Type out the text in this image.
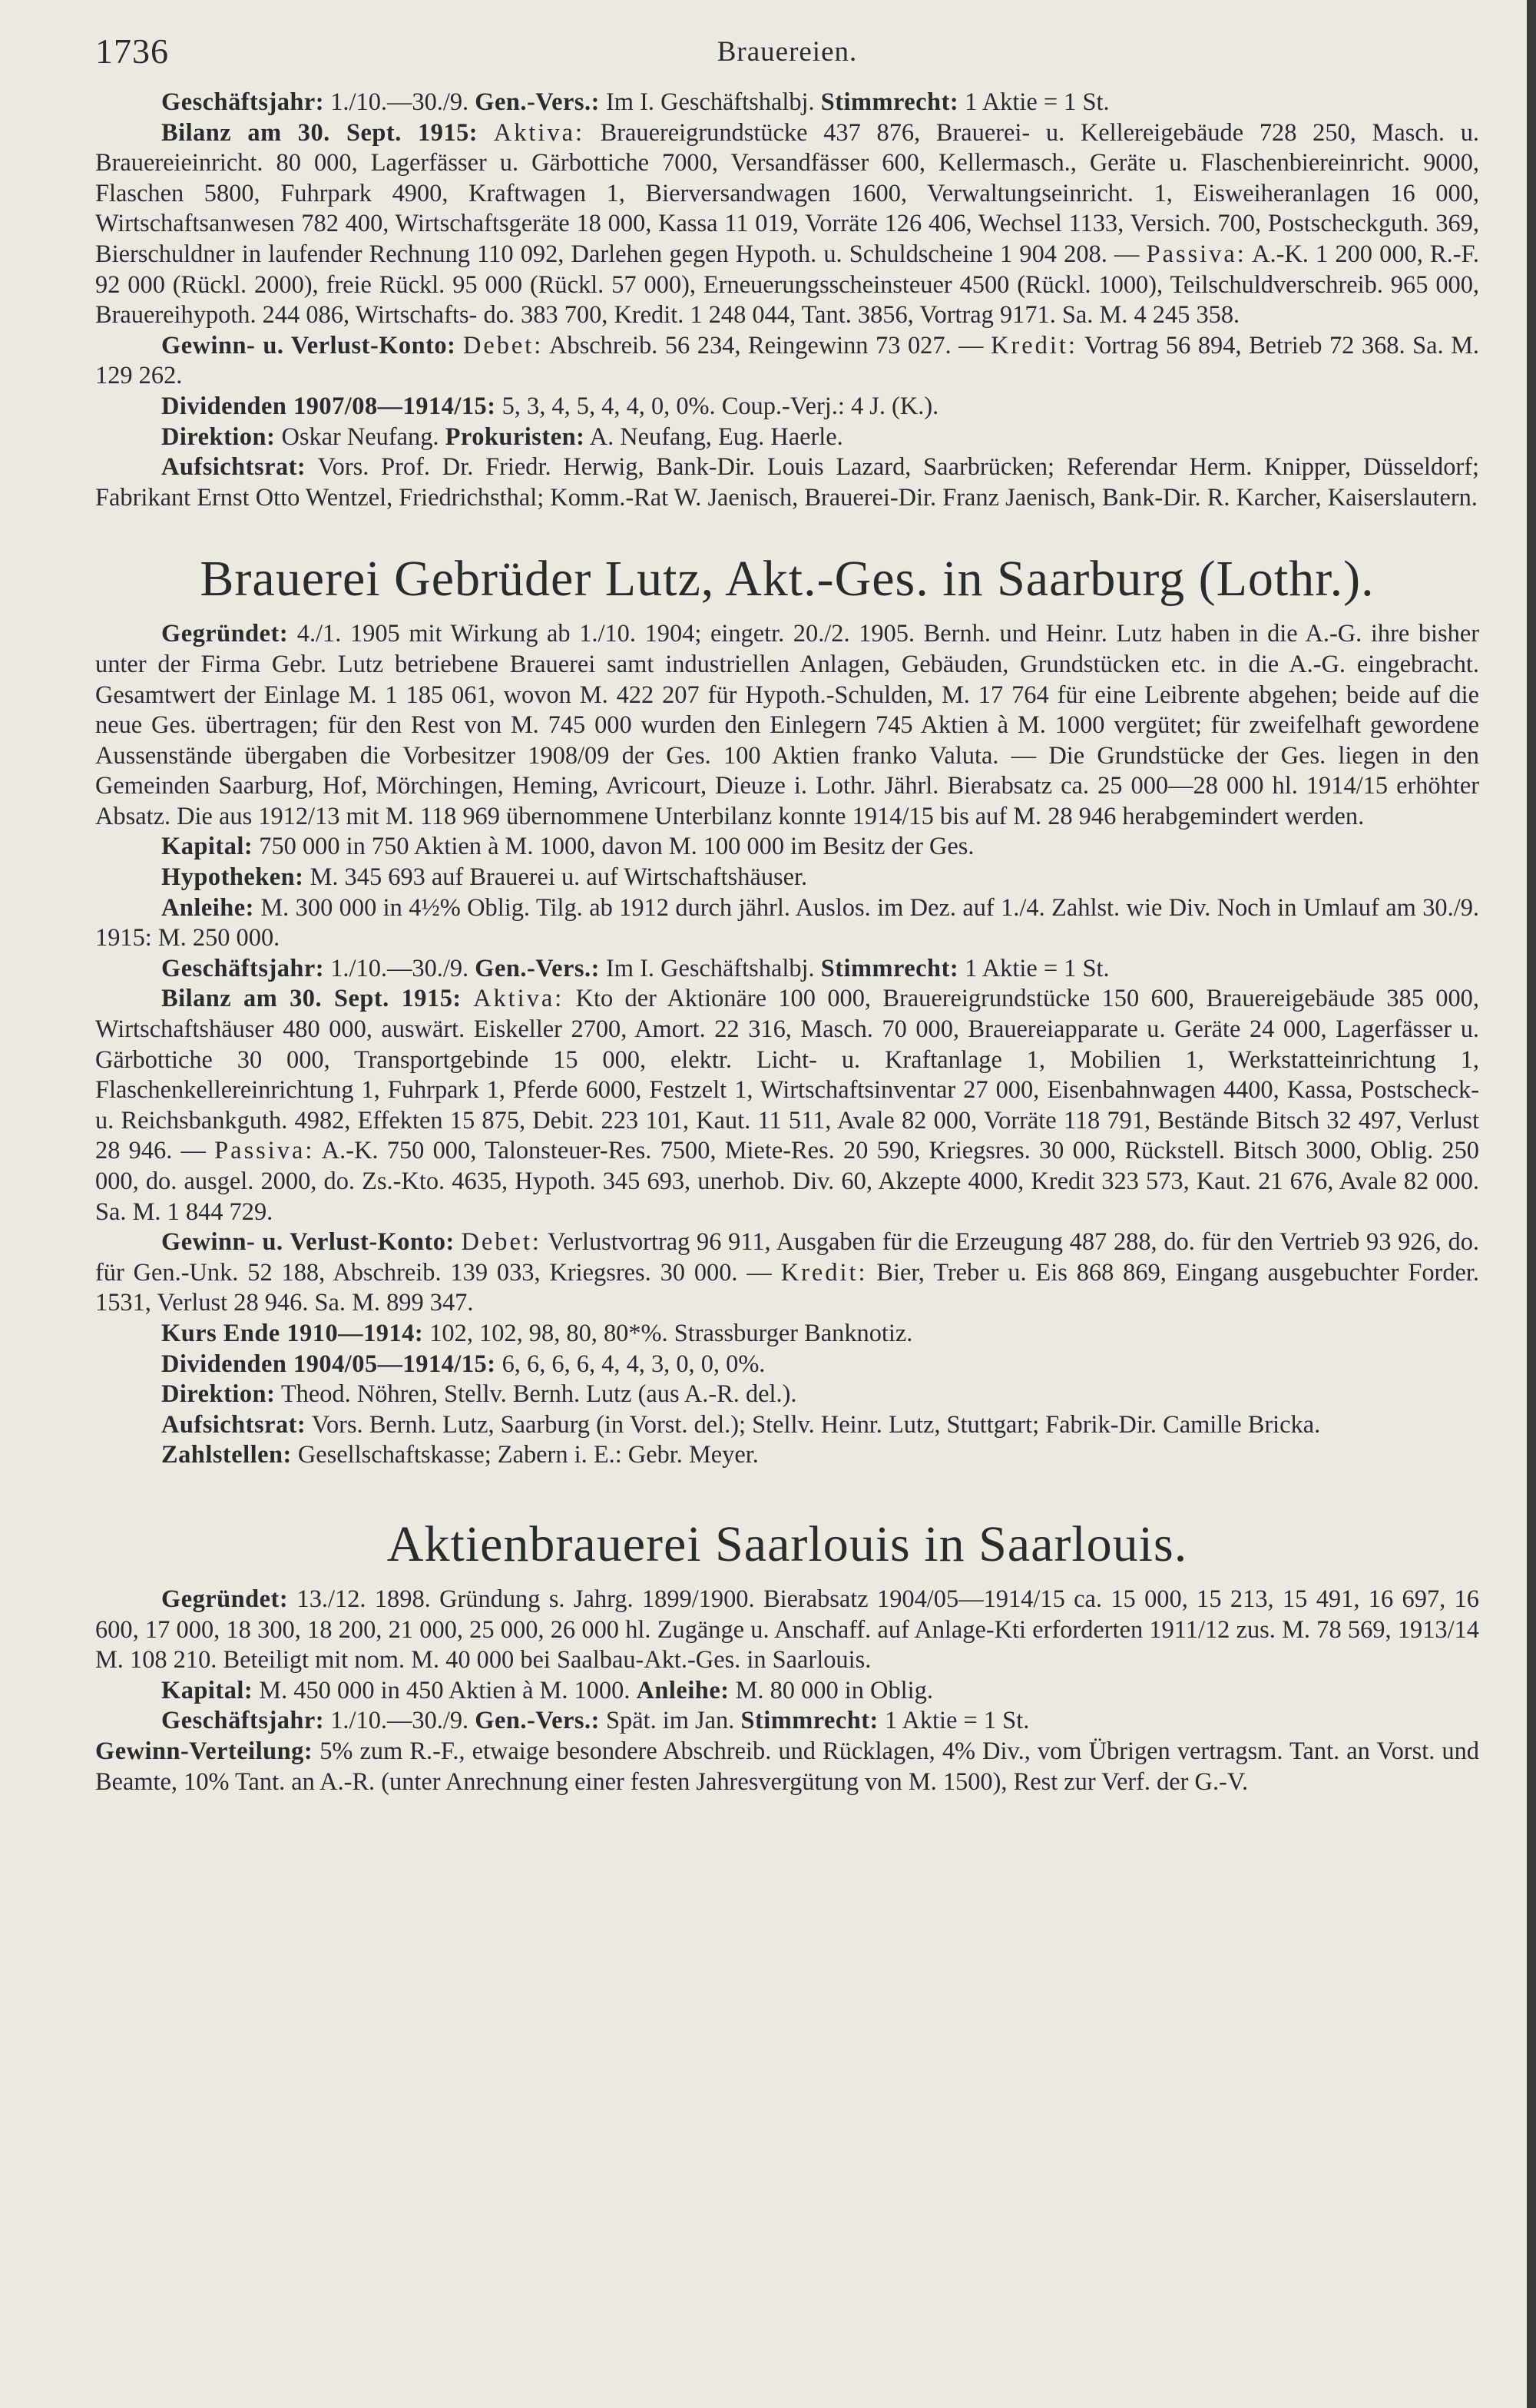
1736	Brauereien.

Geschäftsjahr: 1./10.—30./9. Gen.-Vers.: Im I. Geschäftshalbj. Stimmrecht: 1 Aktie = 1 St.

Bilanz am 30. Sept. 1915: Aktiva: Brauereigrundstücke 437 876, Brauerei- u. Kellereigebäude 728 250, Masch. u. Brauereieinricht. 80 000, Lagerfässer u. Gärbottiche 7000, Versandfässer 600, Kellermasch., Geräte u. Flaschenbiereinricht. 9000, Flaschen 5800, Fuhrpark 4900, Kraftwagen 1, Bierversandwagen 1600, Verwaltungseinricht. 1, Eisweiheranlagen 16 000, Wirtschaftsanwesen 782 400, Wirtschaftsgeräte 18 000, Kassa 11 019, Vorräte 126 406, Wechsel 1133, Versich. 700, Postscheckguth. 369, Bierschuldner in laufender Rechnung 110 092, Darlehen gegen Hypoth. u. Schuldscheine 1 904 208. — Passiva: A.-K. 1 200 000, R.-F. 92 000 (Rückl. 2000), freie Rückl. 95 000 (Rückl. 57 000), Erneuerungsscheinsteuer 4500 (Rückl. 1000), Teilschuldverschreib. 965 000, Brauereihypoth. 244 086, Wirtschafts- do. 383 700, Kredit. 1 248 044, Tant. 3856, Vortrag 9171. Sa. M. 4 245 358.

Gewinn- u. Verlust-Konto: Debet: Abschreib. 56 234, Reingewinn 73 027. — Kredit: Vortrag 56 894, Betrieb 72 368. Sa. M. 129 262.

Dividenden 1907/08—1914/15: 5, 3, 4, 5, 4, 4, 0, 0%. Coup.-Verj.: 4 J. (K.).

Direktion: Oskar Neufang. Prokuristen: A. Neufang, Eug. Haerle.

Aufsichtsrat: Vors. Prof. Dr. Friedr. Herwig, Bank-Dir. Louis Lazard, Saarbrücken; Referendar Herm. Knipper, Düsseldorf; Fabrikant Ernst Otto Wentzel, Friedrichsthal; Komm.-Rat W. Jaenisch, Brauerei-Dir. Franz Jaenisch, Bank-Dir. R. Karcher, Kaiserslautern.

Brauerei Gebrüder Lutz, Akt.-Ges. in Saarburg (Lothr.).

Gegründet: 4./1. 1905 mit Wirkung ab 1./10. 1904; eingetr. 20./2. 1905. Bernh. und Heinr. Lutz haben in die A.-G. ihre bisher unter der Firma Gebr. Lutz betriebene Brauerei samt industriellen Anlagen, Gebäuden, Grundstücken etc. in die A.-G. eingebracht. Gesamtwert der Einlage M. 1 185 061, wovon M. 422 207 für Hypoth.-Schulden, M. 17 764 für eine Leibrente abgehen; beide auf die neue Ges. übertragen; für den Rest von M. 745 000 wurden den Einlegern 745 Aktien à M. 1000 vergütet; für zweifelhaft gewordene Aussenstände übergaben die Vorbesitzer 1908/09 der Ges. 100 Aktien franko Valuta. — Die Grundstücke der Ges. liegen in den Gemeinden Saarburg, Hof, Mörchingen, Heming, Avricourt, Dieuze i. Lothr. Jährl. Bierabsatz ca. 25 000—28 000 hl. 1914/15 erhöhter Absatz. Die aus 1912/13 mit M. 118 969 übernommene Unterbilanz konnte 1914/15 bis auf M. 28 946 herabgemindert werden.

Kapital: 750 000 in 750 Aktien à M. 1000, davon M. 100 000 im Besitz der Ges.

Hypotheken: M. 345 693 auf Brauerei u. auf Wirtschaftshäuser.

Anleihe: M. 300 000 in 4½% Oblig. Tilg. ab 1912 durch jährl. Auslos. im Dez. auf 1./4. Zahlst. wie Div. Noch in Umlauf am 30./9. 1915: M. 250 000.

Geschäftsjahr: 1./10.—30./9. Gen.-Vers.: Im I. Geschäftshalbj. Stimmrecht: 1 Aktie = 1 St.

Bilanz am 30. Sept. 1915: Aktiva: Kto der Aktionäre 100 000, Brauereigrundstücke 150 600, Brauereigebäude 385 000, Wirtschaftshäuser 480 000, auswärt. Eiskeller 2700, Amort. 22 316, Masch. 70 000, Brauereiapparate u. Geräte 24 000, Lagerfässer u. Gärbottiche 30 000, Transportgebinde 15 000, elektr. Licht- u. Kraftanlage 1, Mobilien 1, Werkstatteinrichtung 1, Flaschenkellereinrichtung 1, Fuhrpark 1, Pferde 6000, Festzelt 1, Wirtschaftsinventar 27 000, Eisenbahnwagen 4400, Kassa, Postscheck- u. Reichsbankguth. 4982, Effekten 15 875, Debit. 223 101, Kaut. 11 511, Avale 82 000, Vorräte 118 791, Bestände Bitsch 32 497, Verlust 28 946. — Passiva: A.-K. 750 000, Talonsteuer-Res. 7500, Miete-Res. 20 590, Kriegsres. 30 000, Rückstell. Bitsch 3000, Oblig. 250 000, do. ausgel. 2000, do. Zs.-Kto. 4635, Hypoth. 345 693, unerhob. Div. 60, Akzepte 4000, Kredit 323 573, Kaut. 21 676, Avale 82 000. Sa. M. 1 844 729.

Gewinn- u. Verlust-Konto: Debet: Verlustvortrag 96 911, Ausgaben für die Erzeugung 487 288, do. für den Vertrieb 93 926, do. für Gen.-Unk. 52 188, Abschreib. 139 033, Kriegsres. 30 000. — Kredit: Bier, Treber u. Eis 868 869, Eingang ausgebuchter Forder. 1531, Verlust 28 946. Sa. M. 899 347.

Kurs Ende 1910—1914: 102, 102, 98, 80, 80*%. Strassburger Banknotiz.

Dividenden 1904/05—1914/15: 6, 6, 6, 6, 4, 4, 3, 0, 0, 0%.

Direktion: Theod. Nöhren, Stellv. Bernh. Lutz (aus A.-R. del.).

Aufsichtsrat: Vors. Bernh. Lutz, Saarburg (in Vorst. del.); Stellv. Heinr. Lutz, Stuttgart; Fabrik-Dir. Camille Bricka.

Zahlstellen: Gesellschaftskasse; Zabern i. E.: Gebr. Meyer.

Aktienbrauerei Saarlouis in Saarlouis.

Gegründet: 13./12. 1898. Gründung s. Jahrg. 1899/1900. Bierabsatz 1904/05—1914/15 ca. 15 000, 15 213, 15 491, 16 697, 16 600, 17 000, 18 300, 18 200, 21 000, 25 000, 26 000 hl. Zugänge u. Anschaff. auf Anlage-Kti erforderten 1911/12 zus. M. 78 569, 1913/14 M. 108 210. Beteiligt mit nom. M. 40 000 bei Saalbau-Akt.-Ges. in Saarlouis.

Kapital: M. 450 000 in 450 Aktien à M. 1000. Anleihe: M. 80 000 in Oblig.

Geschäftsjahr: 1./10.—30./9. Gen.-Vers.: Spät. im Jan. Stimmrecht: 1 Aktie = 1 St.

Gewinn-Verteilung: 5% zum R.-F., etwaige besondere Abschreib. und Rücklagen, 4% Div., vom Übrigen vertragsm. Tant. an Vorst. und Beamte, 10% Tant. an A.-R. (unter Anrechnung einer festen Jahresvergütung von M. 1500), Rest zur Verf. der G.-V.
